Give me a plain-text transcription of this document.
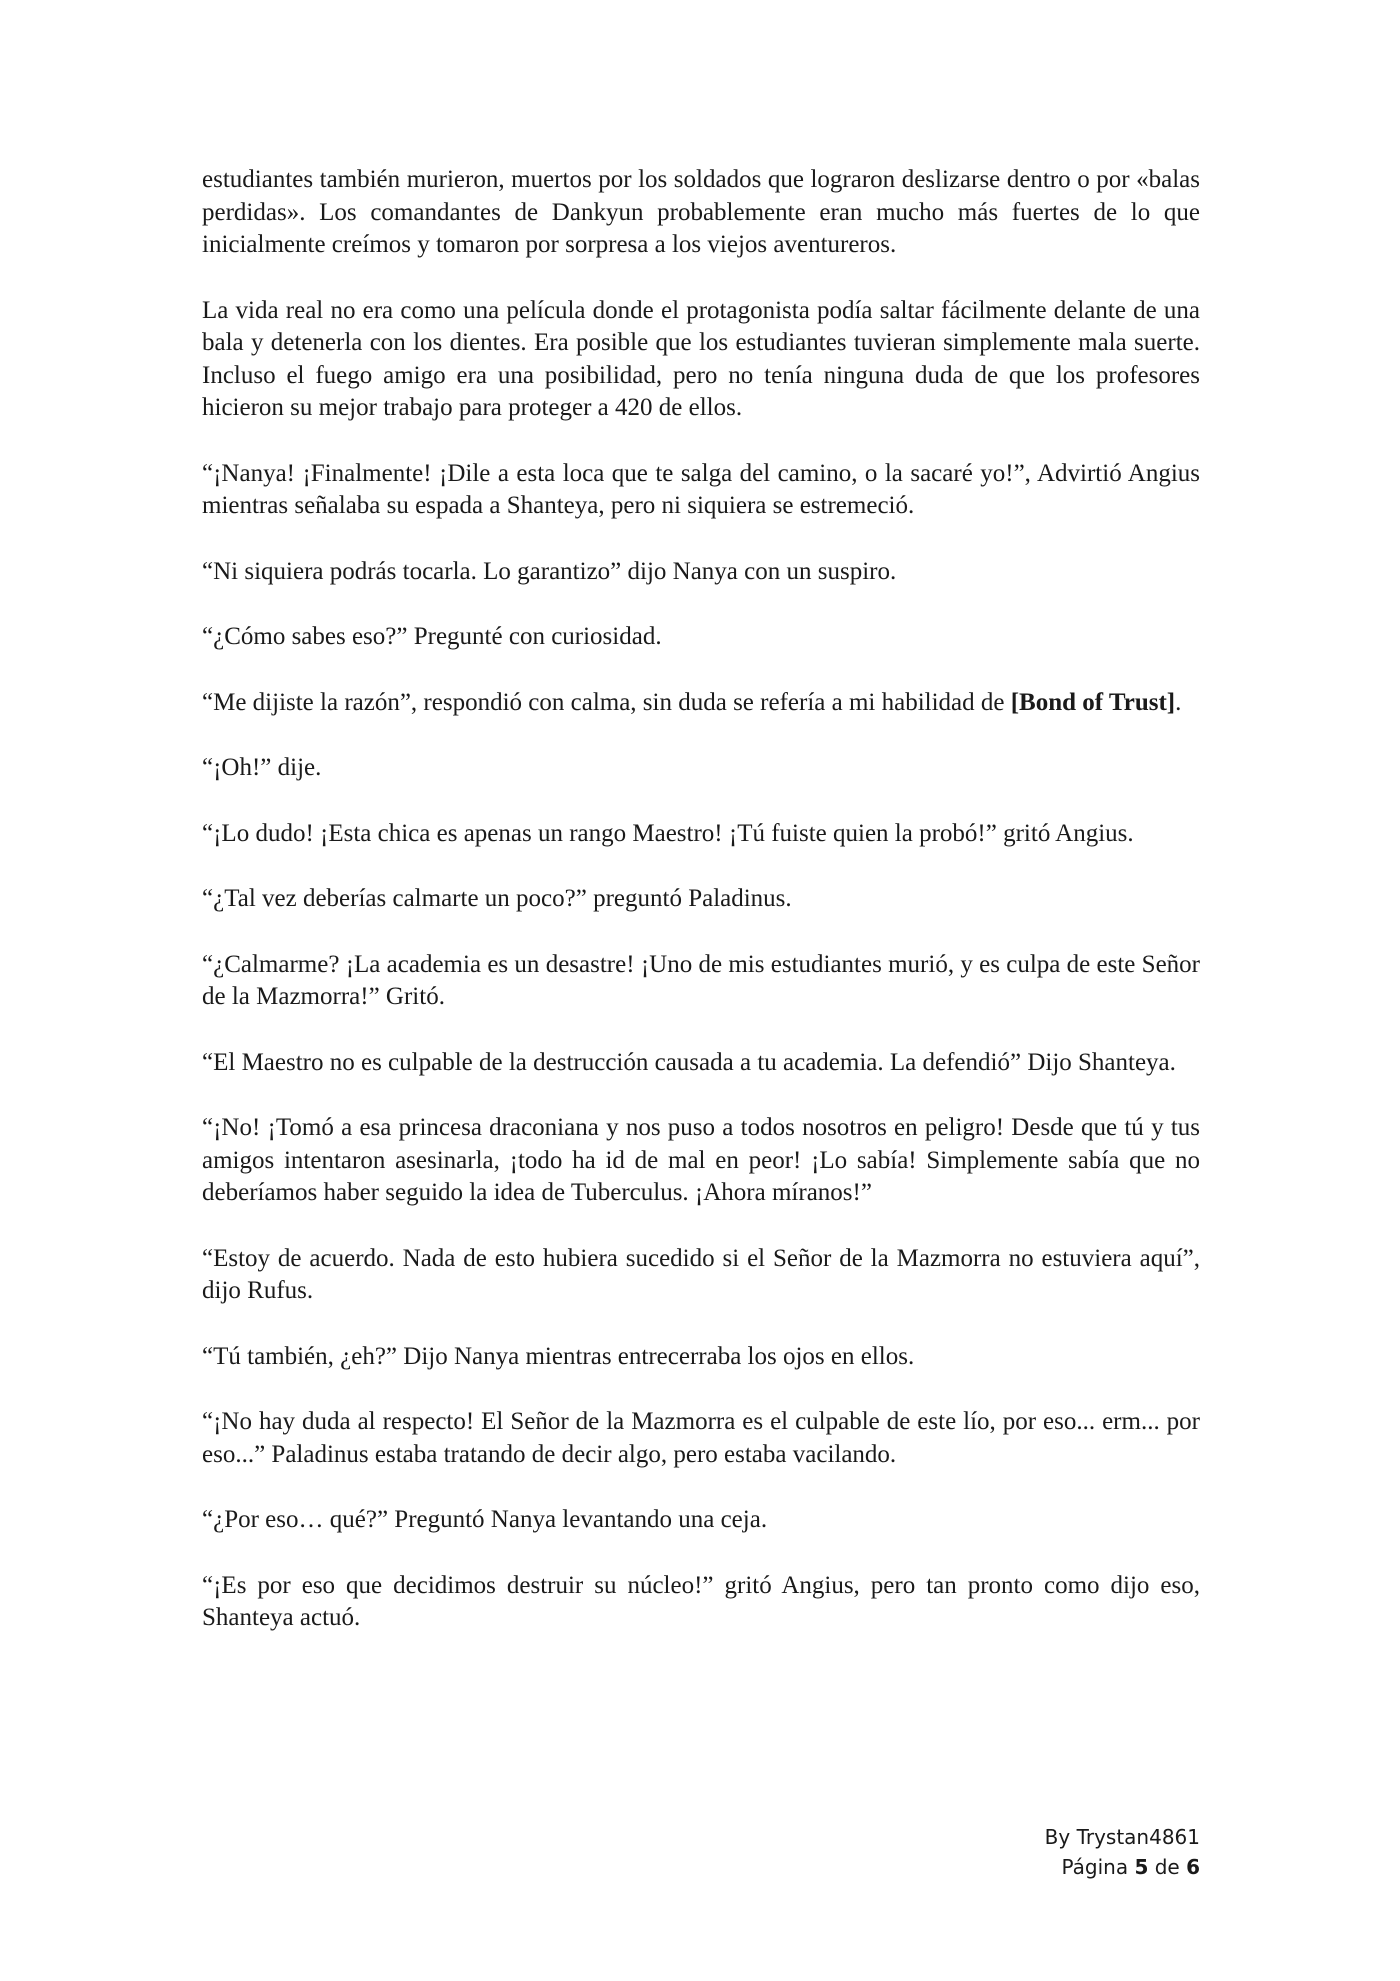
estudiantes también murieron, muertos por los soldados que lograron deslizarse dentro o por «balas perdidas». Los comandantes de Dankyun probablemente eran mucho más fuertes de lo que inicialmente creímos y tomaron por sorpresa a los viejos aventureros.

La vida real no era como una película donde el protagonista podía saltar fácilmente delante de una bala y detenerla con los dientes. Era posible que los estudiantes tuvieran simplemente mala suerte. Incluso el fuego amigo era una posibilidad, pero no tenía ninguna duda de que los profesores hicieron su mejor trabajo para proteger a 420 de ellos.

“¡Nanya! ¡Finalmente! ¡Dile a esta loca que te salga del camino, o la sacaré yo!”, Advirtió Angius mientras señalaba su espada a Shanteya, pero ni siquiera se estremeció.

“Ni siquiera podrás tocarla. Lo garantizo” dijo Nanya con un suspiro.

“¿Cómo sabes eso?” Pregunté con curiosidad.

“Me dijiste la razón”, respondió con calma, sin duda se refería a mi habilidad de [Bond of Trust].

“¡Oh!” dije.

“¡Lo dudo! ¡Esta chica es apenas un rango Maestro! ¡Tú fuiste quien la probó!” gritó Angius.

“¿Tal vez deberías calmarte un poco?” preguntó Paladinus.

“¿Calmarme? ¡La academia es un desastre! ¡Uno de mis estudiantes murió, y es culpa de este Señor de la Mazmorra!” Gritó.

“El Maestro no es culpable de la destrucción causada a tu academia. La defendió” Dijo Shanteya.

“¡No! ¡Tomó a esa princesa draconiana y nos puso a todos nosotros en peligro! Desde que tú y tus amigos intentaron asesinarla, ¡todo ha id de mal en peor! ¡Lo sabía! Simplemente sabía que no deberíamos haber seguido la idea de Tuberculus. ¡Ahora míranos!”

“Estoy de acuerdo. Nada de esto hubiera sucedido si el Señor de la Mazmorra no estuviera aquí”, dijo Rufus.

“Tú también, ¿eh?” Dijo Nanya mientras entrecerraba los ojos en ellos.

“¡No hay duda al respecto! El Señor de la Mazmorra es el culpable de este lío, por eso... erm... por eso...” Paladinus estaba tratando de decir algo, pero estaba vacilando.

“¿Por eso… qué?” Preguntó Nanya levantando una ceja.

“¡Es por eso que decidimos destruir su núcleo!” gritó Angius, pero tan pronto como dijo eso, Shanteya actuó.

By Trystan4861
Página 5 de 6
